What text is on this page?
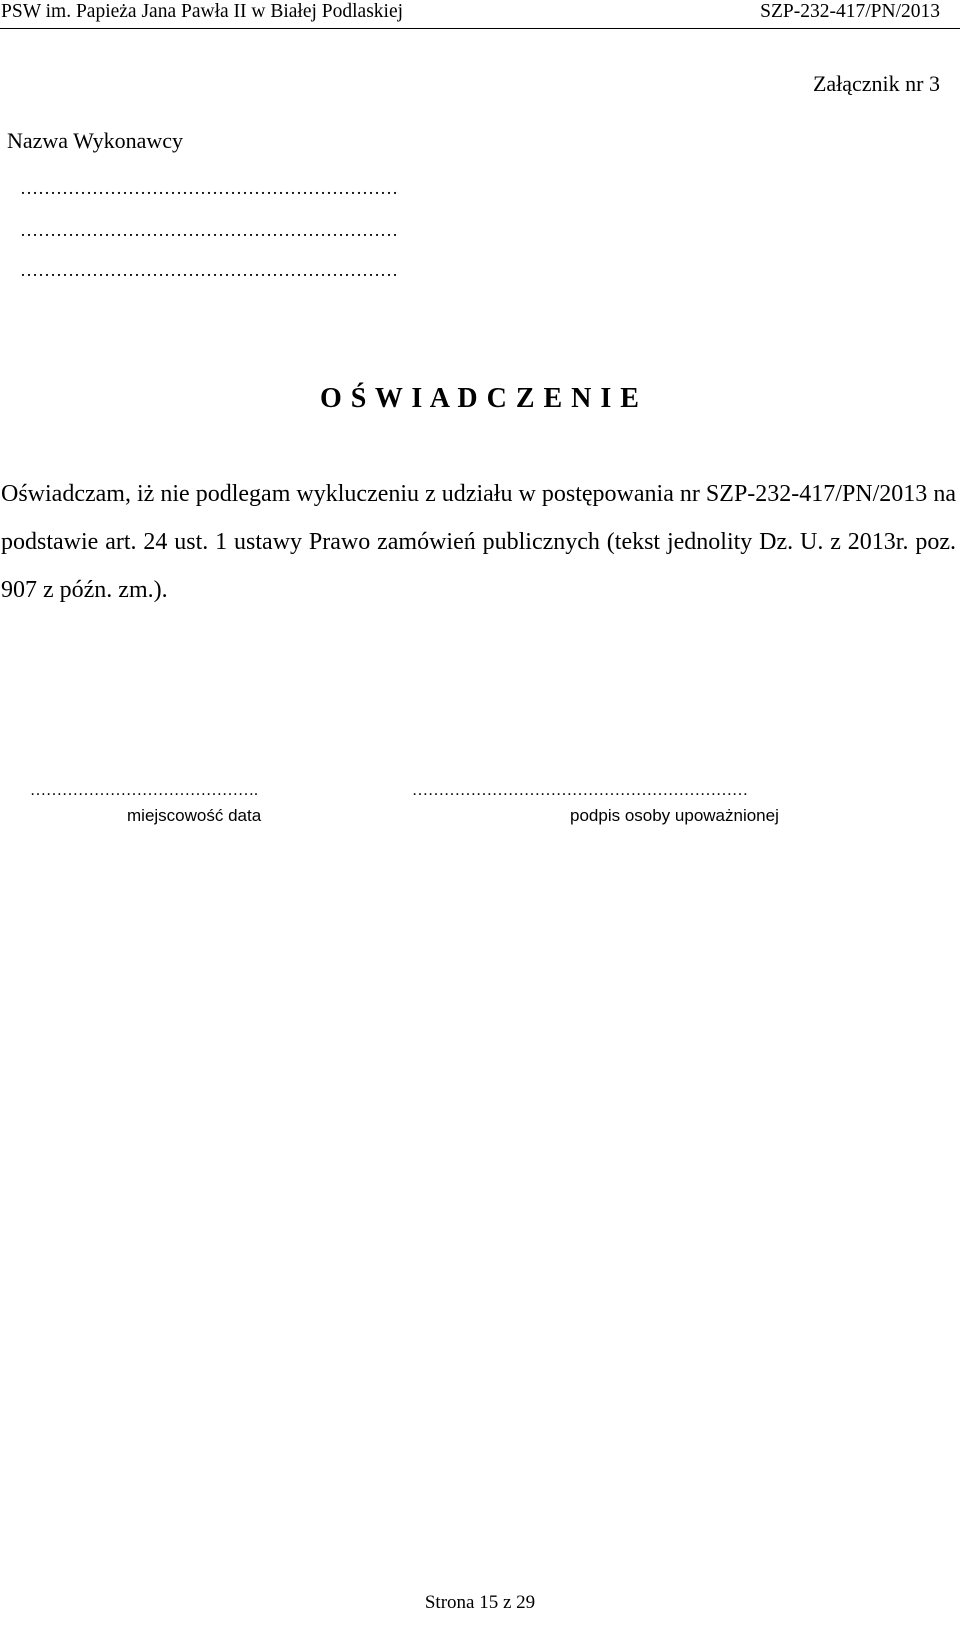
PSW im. Papieża Jana Pawła II w Białej Podlaskiej	SZP-232-417/PN/2013
Załącznik nr 3
Nazwa Wykonawcy
………………………………………………………
………………………………………………………
………………………………………………………
O Ś W I A D C Z E N I E

Oświadczam, iż nie podlegam wykluczeniu z udziału w postępowania nr SZP-232-417/PN/2013 na podstawie art. 24 ust. 1 ustawy Prawo zamówień publicznych (tekst jednolity Dz. U. z 2013r. poz. 907 z późn. zm.).

…………………………………….	………………………………………………………
miejscowość data	podpis osoby upoważnionej
Strona 15 z 29
